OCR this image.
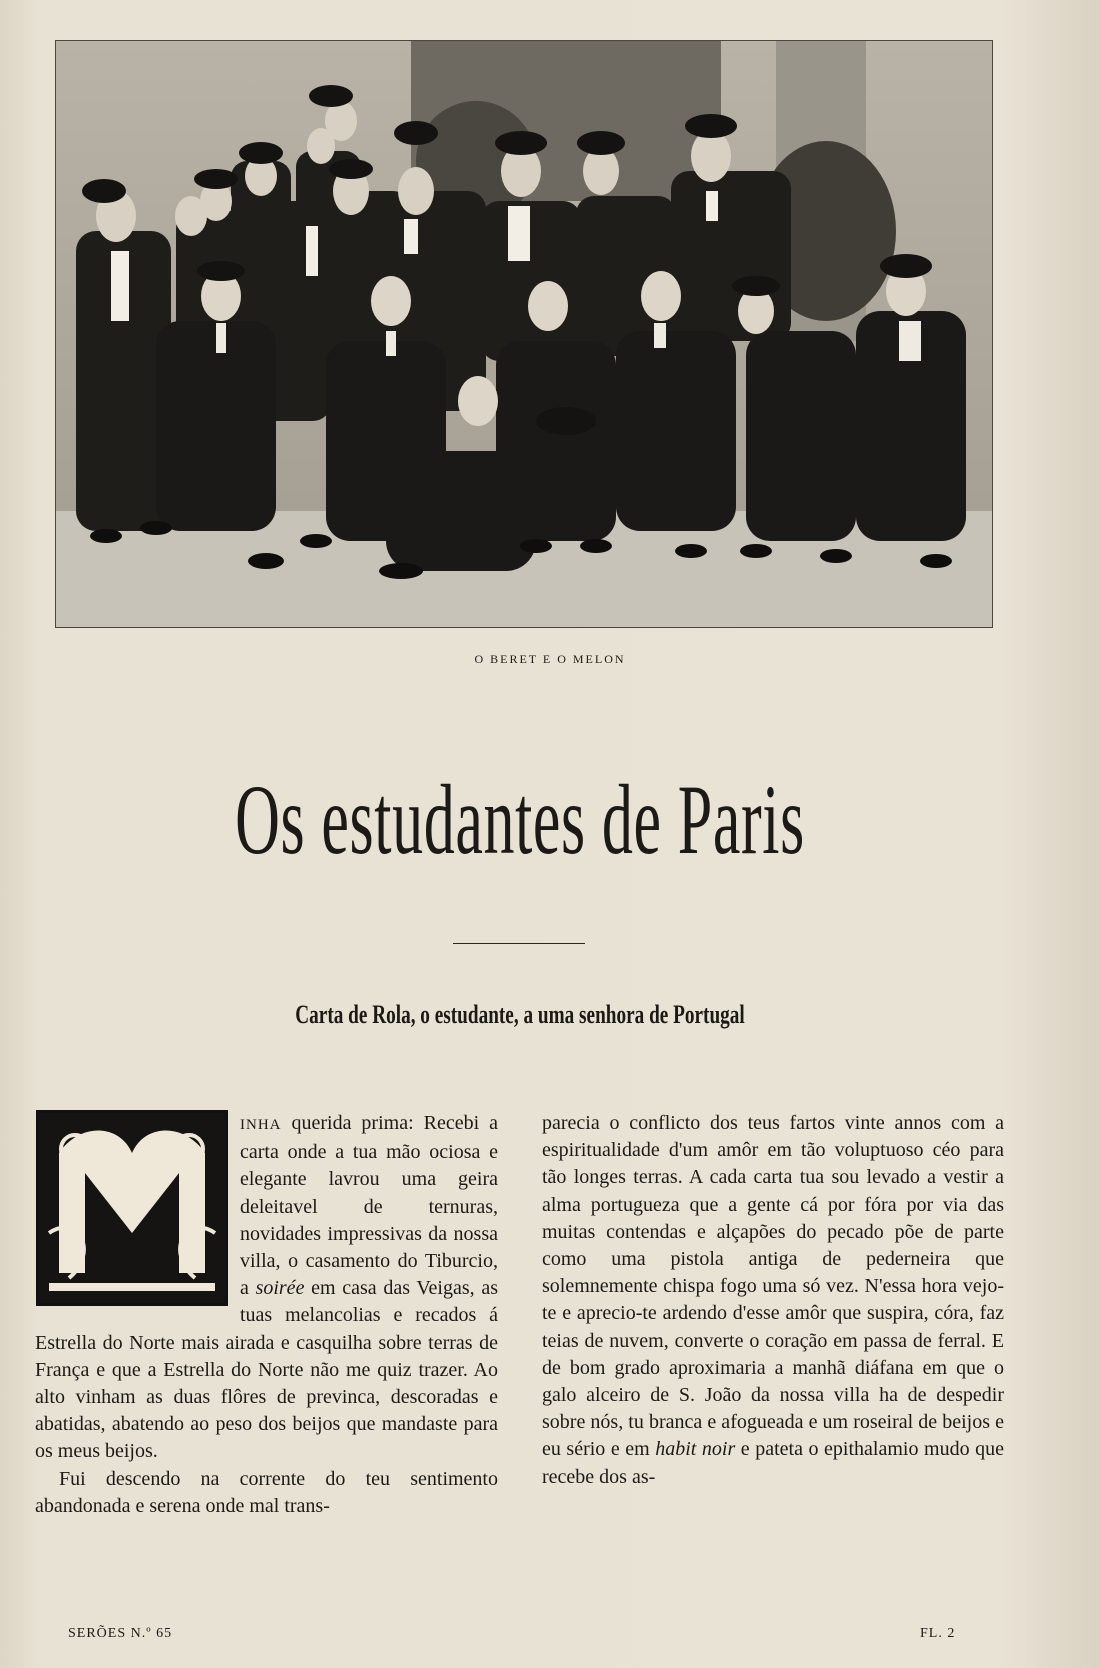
O BERET E O MELON
Os estudantes de Paris
Carta de Rola, o estudante, a uma senhora de Portugal

INHA querida prima: Recebi a carta onde a tua mão ociosa e elegante lavrou uma geira deleitavel de ternuras, novidades impressivas da nossa villa, o casamento do Tiburcio, a soirée em casa das Veigas, as tuas melancolias e recados á Estrella do Norte mais airada e casquilha sobre terras de França e que a Estrella do Norte não me quiz trazer. Ao alto vinham as duas flôres de previnca, descoradas e abatidas, abatendo ao peso dos beijos que mandaste para os meus beijos.

Fui descendo na corrente do teu sentimento abandonada e serena onde mal trans-

parecia o conflicto dos teus fartos vinte annos com a espiritualidade d'um amôr em tão voluptuoso céo para tão longes terras. A cada carta tua sou levado a vestir a alma portugueza que a gente cá por fóra por via das muitas contendas e alçapões do pecado põe de parte como uma pistola antiga de pederneira que solemnemente chispa fogo uma só vez. N'essa hora vejo-te e aprecio-te ardendo d'esse amôr que suspira, córa, faz teias de nuvem, converte o coração em passa de ferral. E de bom grado aproximaria a manhã diáfana em que o galo alceiro de S. João da nossa villa ha de despedir sobre nós, tu branca e afogueada e um roseiral de beijos e eu sério e em habit noir e pateta o epithalamio mudo que recebe dos as-

SERÕES N.º 65	FL. 2
